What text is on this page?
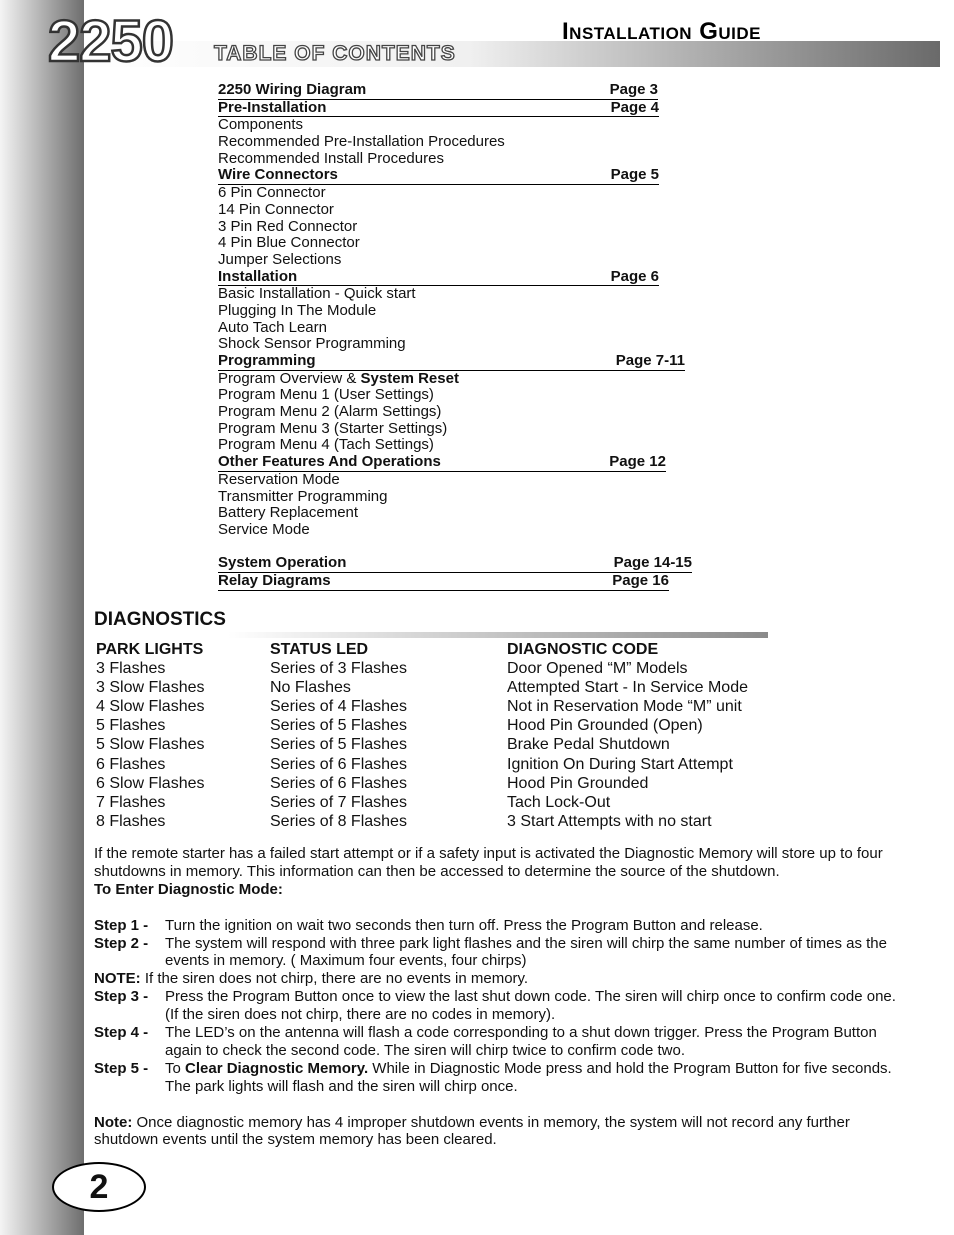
2250 TABLE OF CONTENTS
Installation Guide
2250 Wiring Diagram	Page 3
Pre-Installation	Page 4
Components
Recommended Pre-Installation Procedures
Recommended Install Procedures
Wire Connectors	Page 5
6 Pin Connector
14 Pin Connector
3 Pin Red Connector
4 Pin Blue Connector
Jumper Selections
Installation	Page 6
Basic Installation - Quick start
Plugging In The Module
Auto Tach Learn
Shock Sensor Programming
Programming	Page 7-11
Program Overview & System Reset
Program Menu 1 (User Settings)
Program Menu 2 (Alarm Settings)
Program Menu 3 (Starter Settings)
Program Menu 4 (Tach Settings)
Other Features And Operations	Page 12
Reservation Mode
Transmitter Programming
Battery Replacement
Service Mode
System Operation	Page 14-15
Relay Diagrams	Page 16
DIAGNOSTICS
PARK LIGHTS	STATUS LED	DIAGNOSTIC CODE
3 Flashes	Series of 3 Flashes	Door Opened “M” Models
3 Slow Flashes	No Flashes	Attempted Start - In Service Mode
4 Slow Flashes	Series of 4 Flashes	Not in Reservation Mode “M” unit
5 Flashes	Series of 5 Flashes	Hood Pin Grounded (Open)
5 Slow Flashes	Series of 5 Flashes	Brake Pedal Shutdown
6 Flashes	Series of 6 Flashes	Ignition On During Start Attempt
6 Slow Flashes	Series of 6 Flashes	Hood Pin Grounded
7 Flashes	Series of 7 Flashes	Tach Lock-Out
8 Flashes	Series of 8 Flashes	3 Start Attempts with no start

If the remote starter has a failed start attempt or if a safety input is activated the Diagnostic Memory will store up to four shutdowns in memory. This information can then be accessed to determine the source of the shutdown.

To Enter Diagnostic Mode:
Step 1 -	Turn the ignition on wait two seconds then turn off. Press the Program Button and release.
Step 2 -	The system will respond with three park light flashes and the siren will chirp the same number of times as the events in memory. ( Maximum four events, four chirps)
NOTE: If the siren does not chirp, there are no events in memory.
Step 3 -	Press the Program Button once to view the last shut down code. The siren will chirp once to confirm code one. (If the siren does not chirp, there are no codes in memory).
Step 4 -	The LED’s on the antenna will flash a code corresponding to a shut down trigger. Press the Program Button again to check the second code. The siren will chirp twice to confirm code two.
Step 5 -	To Clear Diagnostic Memory. While in Diagnostic Mode press and hold the Program Button for five seconds. The park lights will flash and the siren will chirp once.
Note: Once diagnostic memory has 4 improper shutdown events in memory, the system will not record any further shutdown events until the system memory has been cleared.
2
